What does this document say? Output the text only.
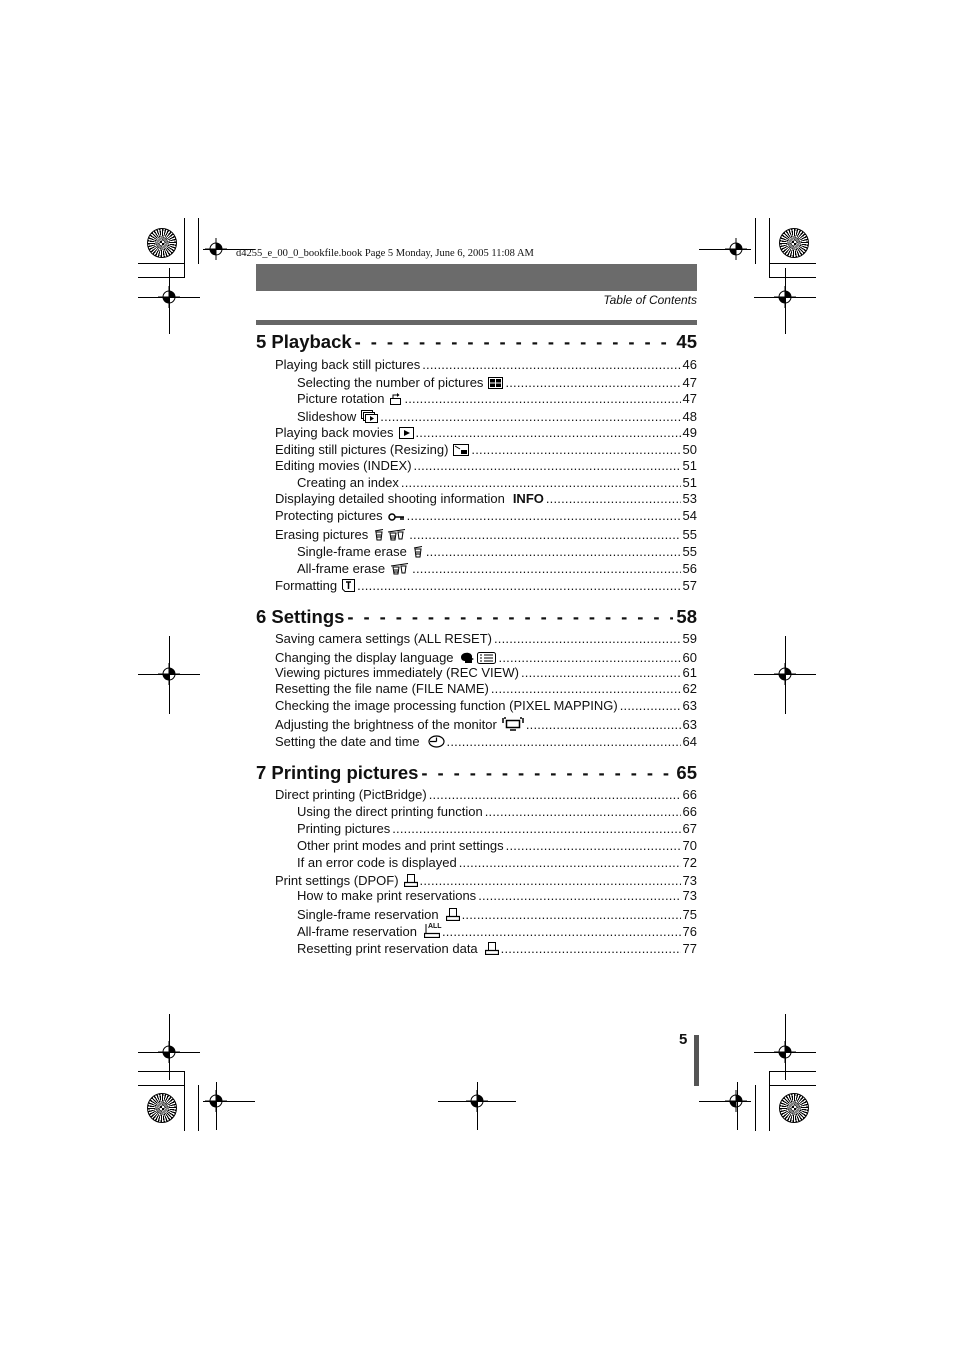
d4255_e_00_0_bookfile.book Page 5 Monday, June 6, 2005 11:08 AM
Table of Contents
5 Playback - - -	45
Playing back still pictures .....	46
Selecting the number of pictures .....	47
Picture rotation .....	47
Slideshow .....	48
Playing back movies .....	49
Editing still pictures (Resizing) .....	50
Editing movies (INDEX) .....	51
Creating an index .....	51
Displaying detailed shooting information INFO .....	53
Protecting pictures .....	54
Erasing pictures .....	55
Single-frame erase .....	55
All-frame erase .....	56
Formatting .....	57
6 Settings - - -	58
Saving camera settings (ALL RESET) .....	59
Changing the display language .....	60
Viewing pictures immediately (REC VIEW) .....	61
Resetting the file name (FILE NAME) .....	62
Checking the image processing function (PIXEL MAPPING) .....	63
Adjusting the brightness of the monitor .....	63
Setting the date and time .....	64
7 Printing pictures - - -	65
Direct printing (PictBridge) .....	66
Using the direct printing function .....	66
Printing pictures .....	67
Other print modes and print settings .....	70
If an error code is displayed .....	72
Print settings (DPOF) .....	73
How to make print reservations .....	73
Single-frame reservation .....	75
All-frame reservation ALL .....	76
Resetting print reservation data .....	77
5
